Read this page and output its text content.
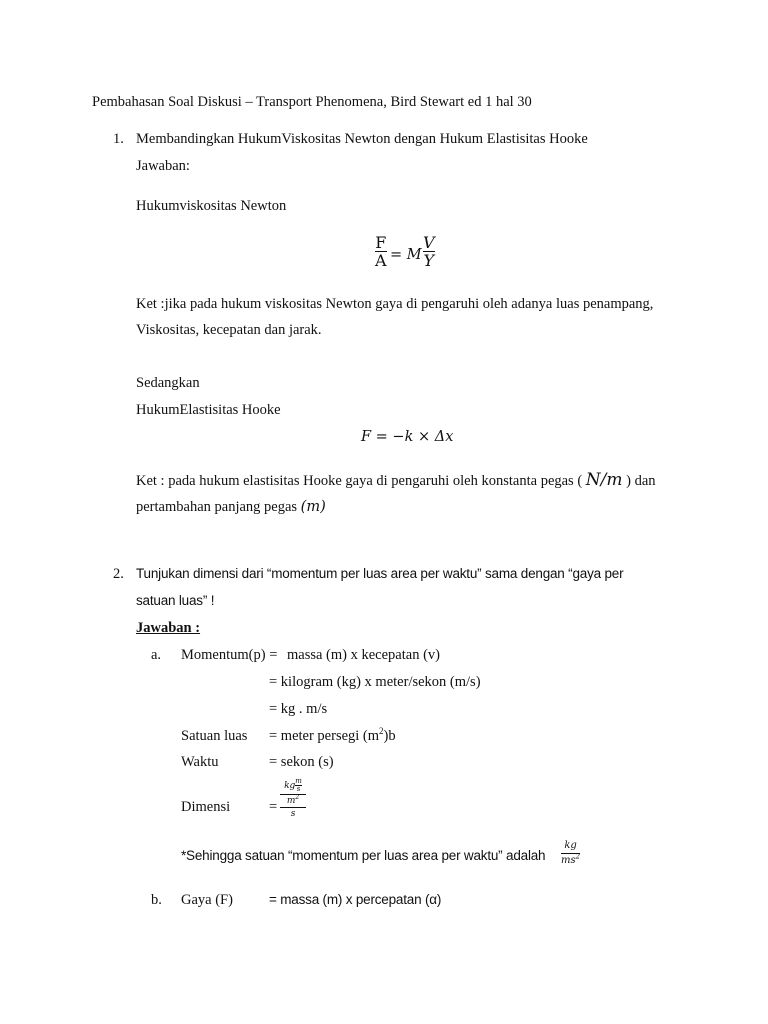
Pembahasan Soal Diskusi – Transport Phenomena, Bird Stewart ed 1 hal 30
1. Membandingkan HukumViskositas Newton dengan Hukum Elastisitas Hooke
Jawaban:
Hukumviskositas Newton
F
A = M
V
Y
Ket :jika pada hukum viskositas Newton gaya di pengaruhi oleh adanya luas penampang,
Viskositas, kecepatan dan jarak.
Sedangkan
HukumElastisitas Hooke
F = −k × Δx
Ket : pada hukum elastisitas Hooke gaya di pengaruhi oleh konstanta pegas ( N/m ) dan
pertambahan panjang pegas (m)
2. Tunjukan dimensi dari “momentum per luas area per waktu” sama dengan “gaya per
satuan luas” !
Jawaban :
a. Momentum(p) = massa (m) x kecepatan (v)
= kilogram (kg) x meter/sekon (m/s)
= kg . m/s
Satuan luas = meter persegi $(m^2)b$
Waktu	= sekon (s)
Dimensi	=
kg $\frac{m}{s}$
$m^2$
s
*Sehingga satuan “momentum per luas area per waktu” adalah
kg
$ms^2$
b. Gaya (F)	= massa (m) x percepatan (α)
